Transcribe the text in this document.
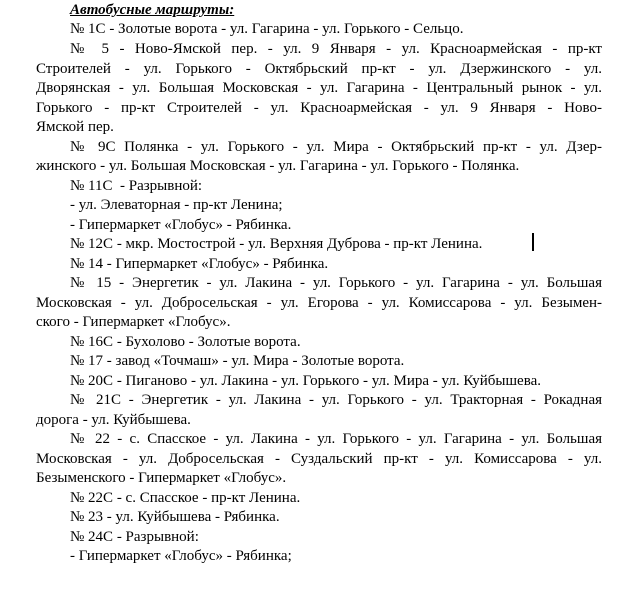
Автобусные маршруты:
№ 1С - Золотые ворота - ул. Гагарина - ул. Горького - Сельцо.
№ 5 - Ново-Ямской пер. - ул. 9 Января - ул. Красноармейская - пр-кт
Строителей - ул. Горького - Октябрьский пр-кт - ул. Дзержинского - ул.
Дворянская - ул. Большая Московская - ул. Гагарина - Центральный рынок - ул.
Горького - пр-кт Строителей - ул. Красноармейская - ул. 9 Января - Ново-
Ямской пер.
№ 9С Полянка - ул. Горького - ул. Мира - Октябрьский пр-кт - ул. Дзер-
жинского - ул. Большая Московская - ул. Гагарина - ул. Горького - Полянка.
№ 11С  - Разрывной:
- ул. Элеваторная - пр-кт Ленина;
- Гипермаркет «Глобус» - Рябинка.
№ 12С - мкр. Мостострой - ул. Верхняя Дуброва - пр-кт Ленина.
№ 14 - Гипермаркет «Глобус» - Рябинка.
№ 15 - Энергетик - ул. Лакина - ул. Горького - ул. Гагарина - ул. Большая
Московская - ул. Добросельская - ул. Егорова - ул. Комиссарова - ул. Безымен-
ского - Гипермаркет «Глобус».
№ 16С - Бухолово - Золотые ворота.
№ 17 - завод «Точмаш» - ул. Мира - Золотые ворота.
№ 20С - Пиганово - ул. Лакина - ул. Горького - ул. Мира - ул. Куйбышева.
№ 21С - Энергетик - ул. Лакина - ул. Горького - ул. Тракторная - Рокадная
дорога - ул. Куйбышева.
№ 22 - с. Спасское - ул. Лакина - ул. Горького - ул. Гагарина - ул. Большая
Московская - ул. Добросельская - Суздальский пр-кт - ул. Комиссарова - ул.
Безыменского - Гипермаркет «Глобус».
№ 22С - с. Спасское - пр-кт Ленина.
№ 23 - ул. Куйбышева - Рябинка.
№ 24С - Разрывной:
- Гипермаркет «Глобус» - Рябинка;
